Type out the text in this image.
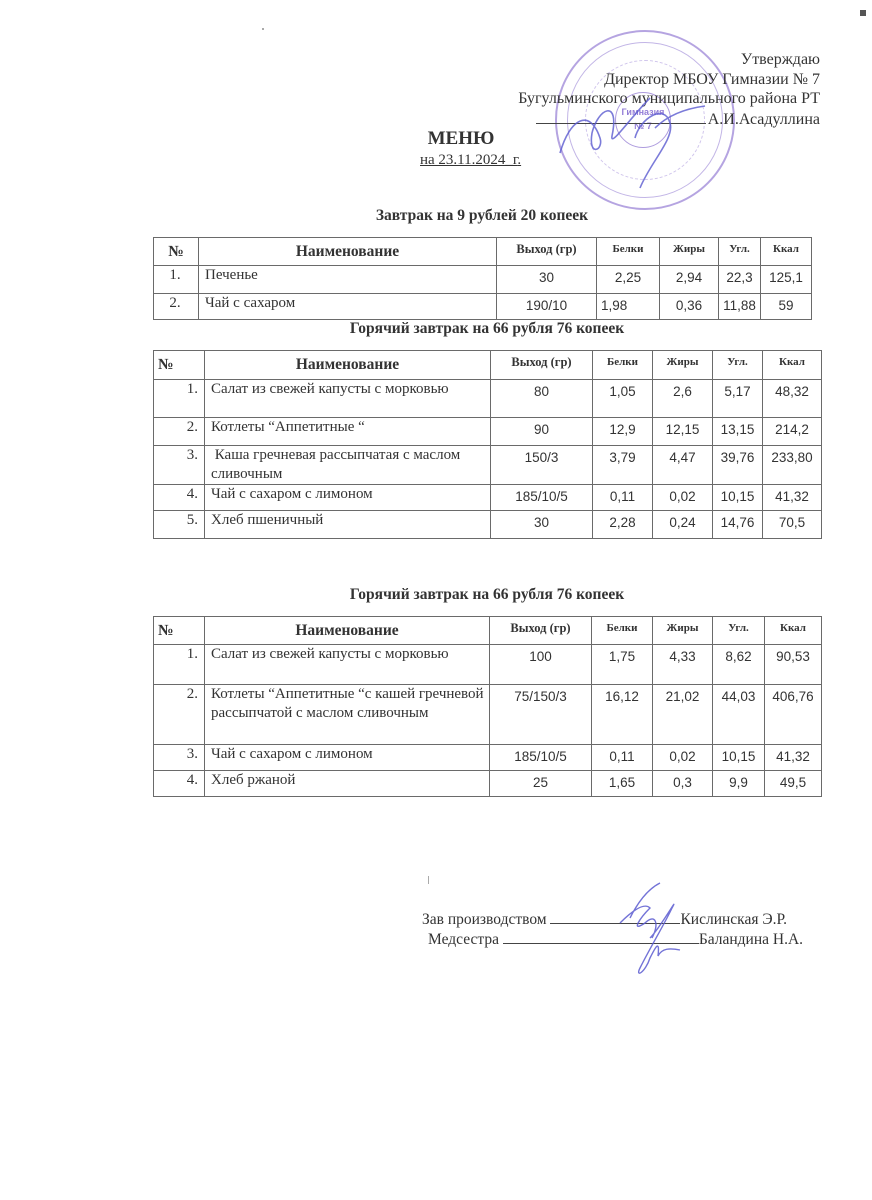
Гимназия
№ 7
Утверждаю
Директор МБОУ Гимназии № 7
Бугульминского муниципального района РТ
А.И.Асадуллина
МЕНЮ
на 23.11.2024_г.
Завтрак на 9 рублей 20 копеек
№	Наименование	Выход (гр)	Белки	Жиры	Угл.	Ккал
1.	Печенье	30	2,25	2,94	22,3	125,1
2.	Чай с сахаром	190/10	1,98	0,36	11,88	59
Горячий завтрак на 66 рубля 76 копеек
№	Наименование	Выход (гр)	Белки	Жиры	Угл.	Ккал
1.	Салат из свежей капусты с морковью	80	1,05	2,6	5,17	48,32
2.	Котлеты “Аппетитные “	90	12,9	12,15	13,15	214,2
3.	Каша гречневая рассыпчатая с маслом сливочным	150/3	3,79	4,47	39,76	233,80
4.	Чай с сахаром с лимоном	185/10/5	0,11	0,02	10,15	41,32
5.	Хлеб пшеничный	30	2,28	0,24	14,76	70,5
Горячий завтрак на 66 рубля 76 копеек
№	Наименование	Выход (гр)	Белки	Жиры	Угл.	Ккал
1.	Салат из свежей капусты с морковью	100	1,75	4,33	8,62	90,53
2.	Котлеты “Аппетитные “с кашей гречневой рассыпчатой с маслом сливочным	75/150/3	16,12	21,02	44,03	406,76
3.	Чай с сахаром с лимоном	185/10/5	0,11	0,02	10,15	41,32
4.	Хлеб ржаной	25	1,65	0,3	9,9	49,5
Зав производством	Кислинская Э.Р.
Медсестра	Баландина Н.А.
